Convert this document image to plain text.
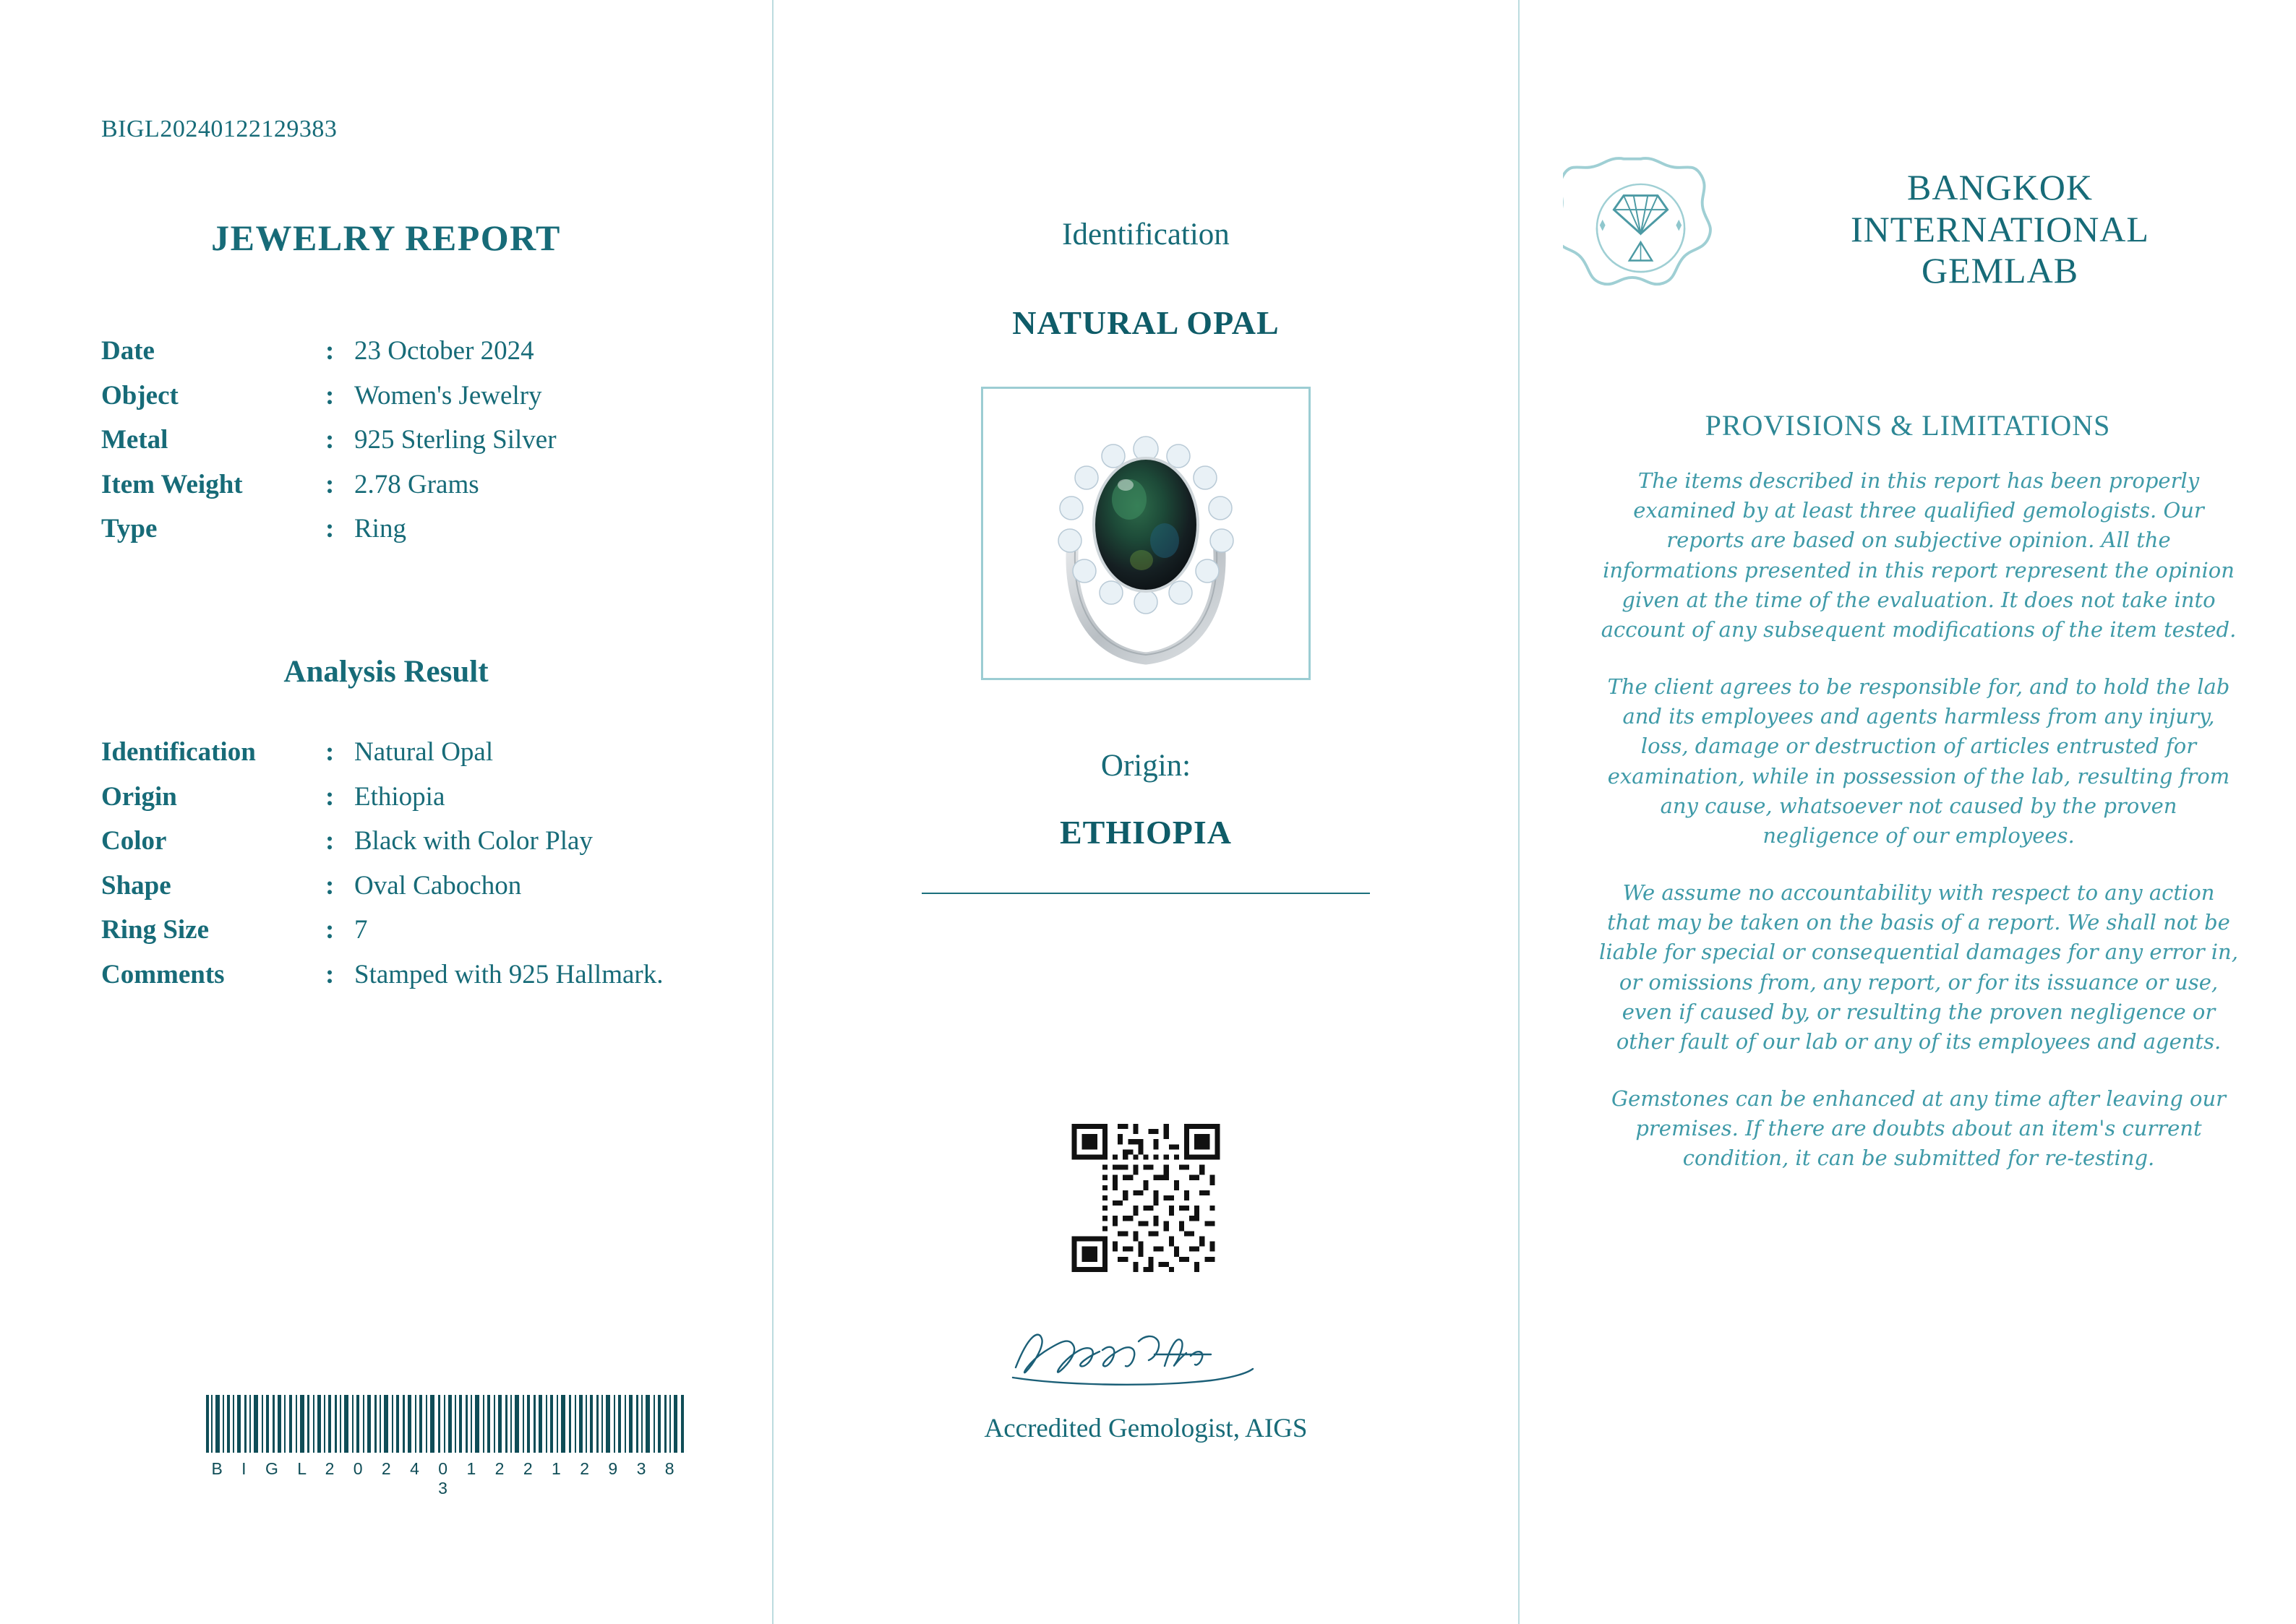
BIGL20240122129383
JEWELRY REPORT
Date	:	23 October 2024
Object	:	Women's Jewelry
Metal	:	925 Sterling Silver
Item Weight	:	2.78 Grams
Type	:	Ring
Analysis Result
Identification	:	Natural Opal
Origin	:	Ethiopia
Color	:	Black with Color Play
Shape	:	Oval Cabochon
Ring Size	:	7
Comments	:	Stamped with 925 Hallmark.
B I G L 2 0 2 4 0 1 2 2 1 2 9 3 8 3
Identification
NATURAL OPAL
Origin:
ETHIOPIA
Accredited Gemologist, AIGS
BANGKOK
INTERNATIONAL
GEMLAB
PROVISIONS & LIMITATIONS

The items described in this report has been properly examined by at least three qualified gemologists. Our reports are based on subjective opinion. All the informations presented in this report represent the opinion given at the time of the evaluation. It does not take into account of any subsequent modifications of the item tested.

The client agrees to be responsible for, and to hold the lab and its employees and agents harmless from any injury, loss, damage or destruction of articles entrusted for examination, while in possession of the lab, resulting from any cause, whatsoever not caused by the proven negligence of our employees.

We assume no accountability with respect to any action that may be taken on the basis of a report. We shall not be liable for special or consequential damages for any error in, or omissions from, any report, or for its issuance or use, even if caused by, or resulting the proven negligence or other fault of our lab or any of its employees and agents.

Gemstones can be enhanced at any time after leaving our premises. If there are doubts about an item's current condition, it can be submitted for re-testing.
